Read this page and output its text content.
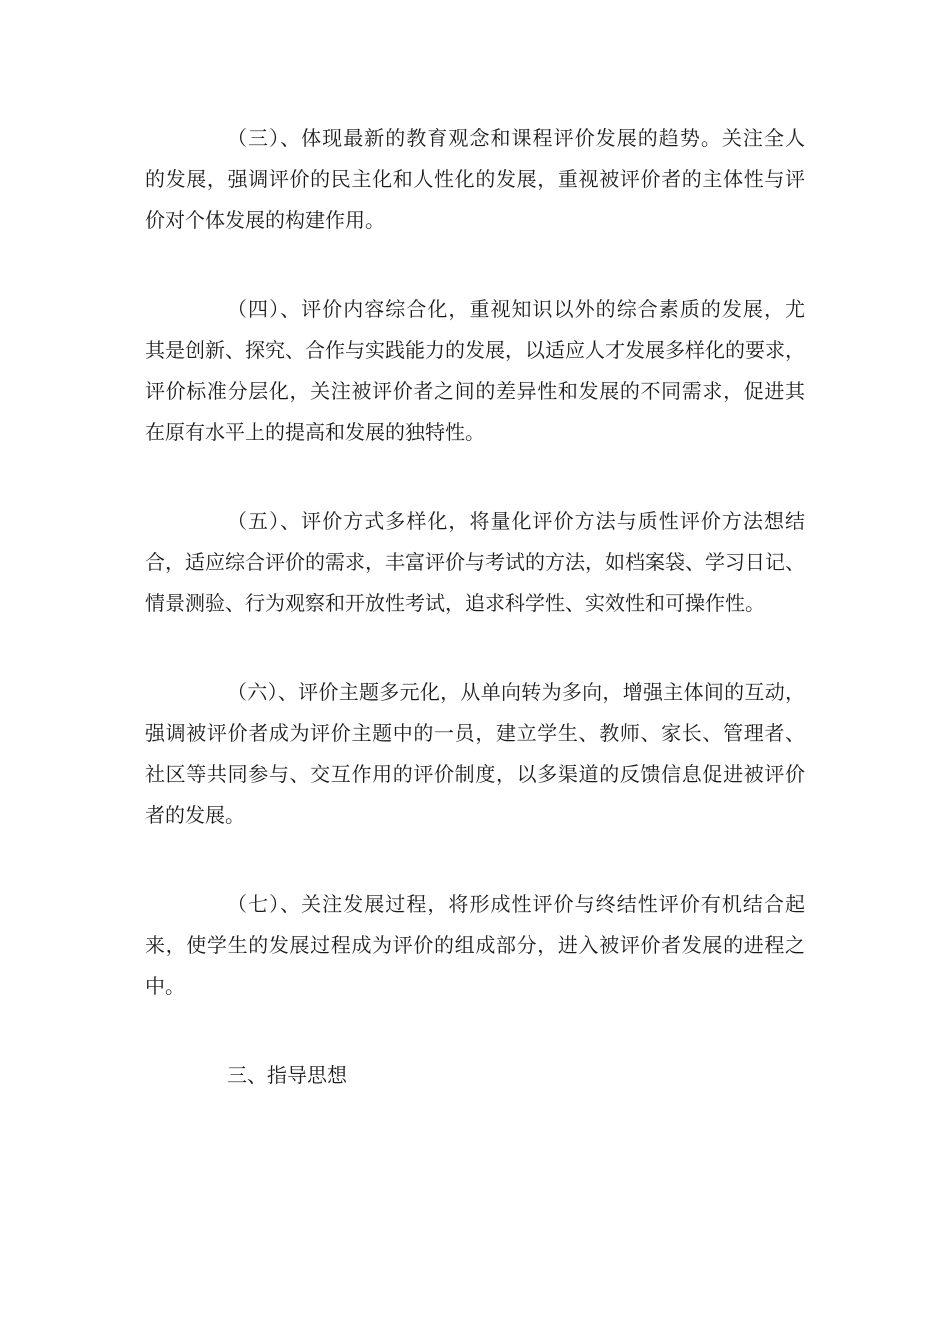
（三）、体现最新的教育观念和课程评价发展的趋势。关注全人
的发展，强调评价的民主化和人性化的发展，重视被评价者的主体性与评
价对个体发展的构建作用。
（四）、评价内容综合化，重视知识以外的综合素质的发展，尤
其是创新、探究、合作与实践能力的发展，以适应人才发展多样化的要求，
评价标准分层化，关注被评价者之间的差异性和发展的不同需求，促进其
在原有水平上的提高和发展的独特性。
（五）、评价方式多样化，将量化评价方法与质性评价方法想结
合，适应综合评价的需求，丰富评价与考试的方法，如档案袋、学习日记、
情景测验、行为观察和开放性考试，追求科学性、实效性和可操作性。
（六）、评价主题多元化，从单向转为多向，增强主体间的互动，
强调被评价者成为评价主题中的一员，建立学生、教师、家长、管理者、
社区等共同参与、交互作用的评价制度，以多渠道的反馈信息促进被评价
者的发展。
（七）、关注发展过程，将形成性评价与终结性评价有机结合起
来，使学生的发展过程成为评价的组成部分，进入被评价者发展的进程之
中。
三、指导思想
